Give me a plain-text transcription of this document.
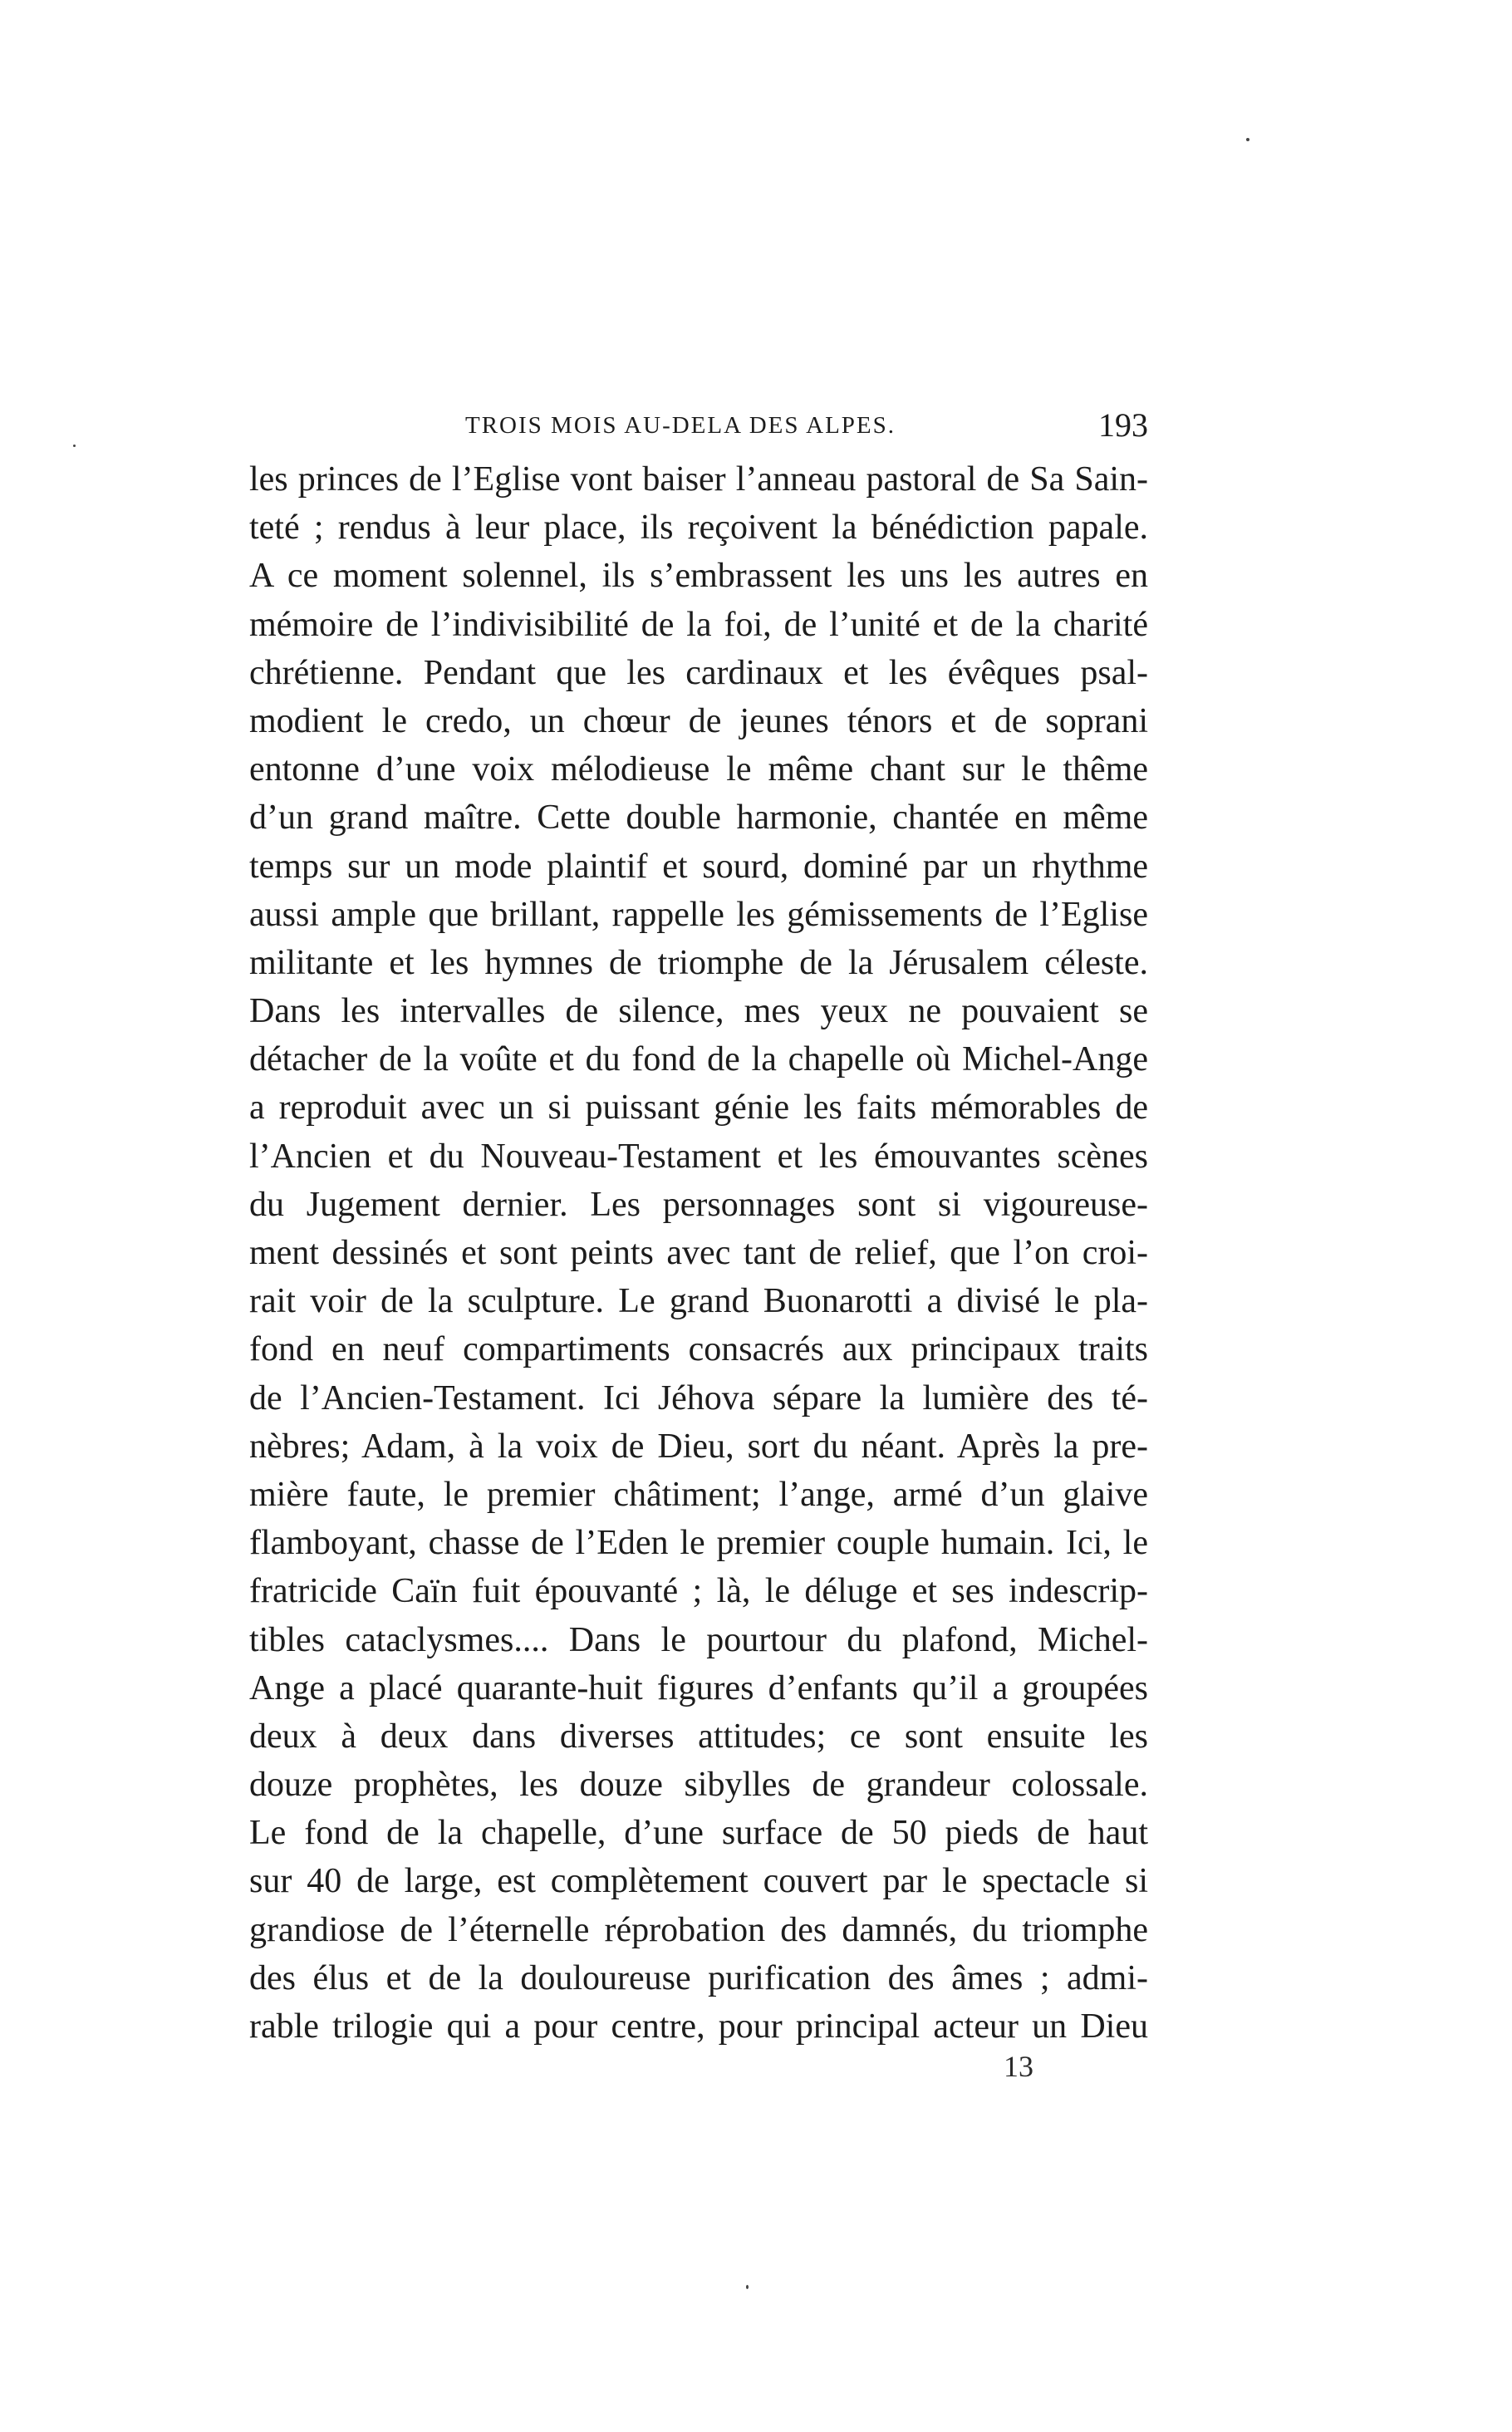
TROIS MOIS AU-DELA DES ALPES.	193
les princes de l’Eglise vont baiser l’anneau pastoral de Sa Sain-
teté ; rendus à leur place, ils reçoivent la bénédiction papale.
A ce moment solennel, ils s’embrassent les uns les autres en
mémoire de l’indivisibilité de la foi, de l’unité et de la charité
chrétienne. Pendant que les cardinaux et les évêques psal-
modient le credo, un chœur de jeunes ténors et de soprani
entonne d’une voix mélodieuse le même chant sur le thême
d’un grand maître. Cette double harmonie, chantée en même
temps sur un mode plaintif et sourd, dominé par un rhythme
aussi ample que brillant, rappelle les gémissements de l’Eglise
militante et les hymnes de triomphe de la Jérusalem céleste.
Dans les intervalles de silence, mes yeux ne pouvaient se
détacher de la voûte et du fond de la chapelle où Michel-Ange
a reproduit avec un si puissant génie les faits mémorables de
l’Ancien et du Nouveau-Testament et les émouvantes scènes
du Jugement dernier. Les personnages sont si vigoureuse-
ment dessinés et sont peints avec tant de relief, que l’on croi-
rait voir de la sculpture. Le grand Buonarotti a divisé le pla-
fond en neuf compartiments consacrés aux principaux traits
de l’Ancien-Testament. Ici Jéhova sépare la lumière des té-
nèbres; Adam, à la voix de Dieu, sort du néant. Après la pre-
mière faute, le premier châtiment; l’ange, armé d’un glaive
flamboyant, chasse de l’Eden le premier couple humain. Ici, le
fratricide Caïn fuit épouvanté ; là, le déluge et ses indescrip-
tibles cataclysmes.... Dans le pourtour du plafond, Michel-
Ange a placé quarante-huit figures d’enfants qu’il a groupées
deux à deux dans diverses attitudes; ce sont ensuite les
douze prophètes, les douze sibylles de grandeur colossale.
Le fond de la chapelle, d’une surface de 50 pieds de haut
sur 40 de large, est complètement couvert par le spectacle si
grandiose de l’éternelle réprobation des damnés, du triomphe
des élus et de la douloureuse purification des âmes ; admi-
rable trilogie qui a pour centre, pour principal acteur un Dieu
13
